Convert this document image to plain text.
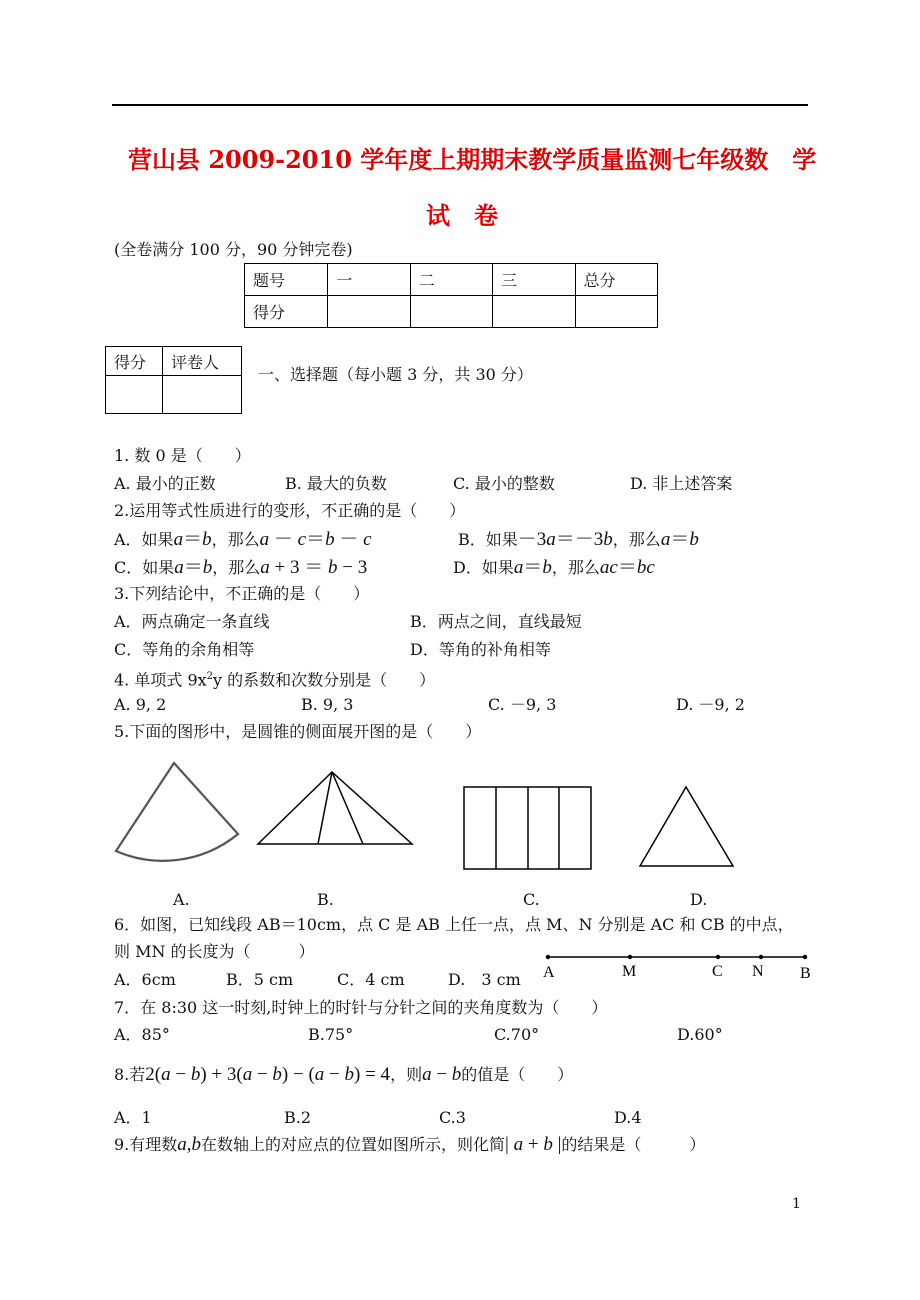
营山县 2009-2010 学年度上期期末教学质量监测七年级数　学
试　卷
(全卷满分 100 分，90 分钟完卷)
题号	一	二	三	总分
得分				
得分	评卷人

一、选择题（每小题 3 分，共 30 分）
1. 数 0 是（　　）
A. 最小的正数	B. 最大的负数	C. 最小的整数	D. 非上述答案
2.运用等式性质进行的变形，不正确的是（　　）
A．如果a＝b，那么a － c＝b － c	B．如果－3a＝－3b，那么a＝b
C．如果a＝b，那么a + 3 ＝ b − 3	D．如果a＝b，那么ac＝bc
3.下列结论中，不正确的是（　　）
A．两点确定一条直线	B．两点之间，直线最短
C．等角的余角相等	D．等角的补角相等
4. 单项式 $9x^2y$ 的系数和次数分别是（　　）
A. 9, 2	B. 9, 3	C. －9, 3	D. －9, 2
5.下面的图形中，是圆锥的侧面展开图的是（　　）
A.	B.	C.	D.
6．如图，已知线段 AB＝10cm，点 C 是 AB 上任一点，点 M、N 分别是 AC 和 CB 的中点，
则 MN 的长度为（　　　）
A．6cm	B．5 cm	C．4 cm	D.　3 cm A	M	C N B
7．在 8:30 这一时刻,时钟上的时针与分针之间的夹角度数为（　　）
A．85°	B.75°	C.70°	D.60°
8.若2(a − b) + 3(a − b) − (a − b) = 4，则a − b的值是（　　）
A．1	B.2	C.3	D.4
9.有理数a,b在数轴上的对应点的位置如图所示，则化简| a + b |的结果是（　　　）
1
